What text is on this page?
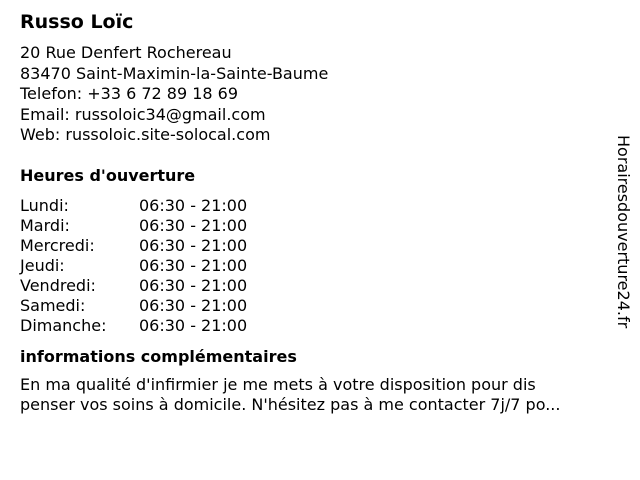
Russo Loïc
20 Rue Denfert Rochereau
83470 Saint-Maximin-la-Sainte-Baume
Telefon: +33 6 72 89 18 69
Email: russoloic34@gmail.com
Web: russoloic.site-solocal.com
Heures d'ouverture
Lundi:	06:30 - 21:00
Mardi:	06:30 - 21:00
Mercredi:	06:30 - 21:00
Jeudi:	06:30 - 21:00
Vendredi:	06:30 - 21:00
Samedi:	06:30 - 21:00
Dimanche:	06:30 - 21:00
informations complémentaires

En ma qualité d'infirmier je me mets à votre disposition pour dis
penser vos soins à domicile. N'hésitez pas à me contacter 7j/7 po...

Horairesdouverture24.fr
